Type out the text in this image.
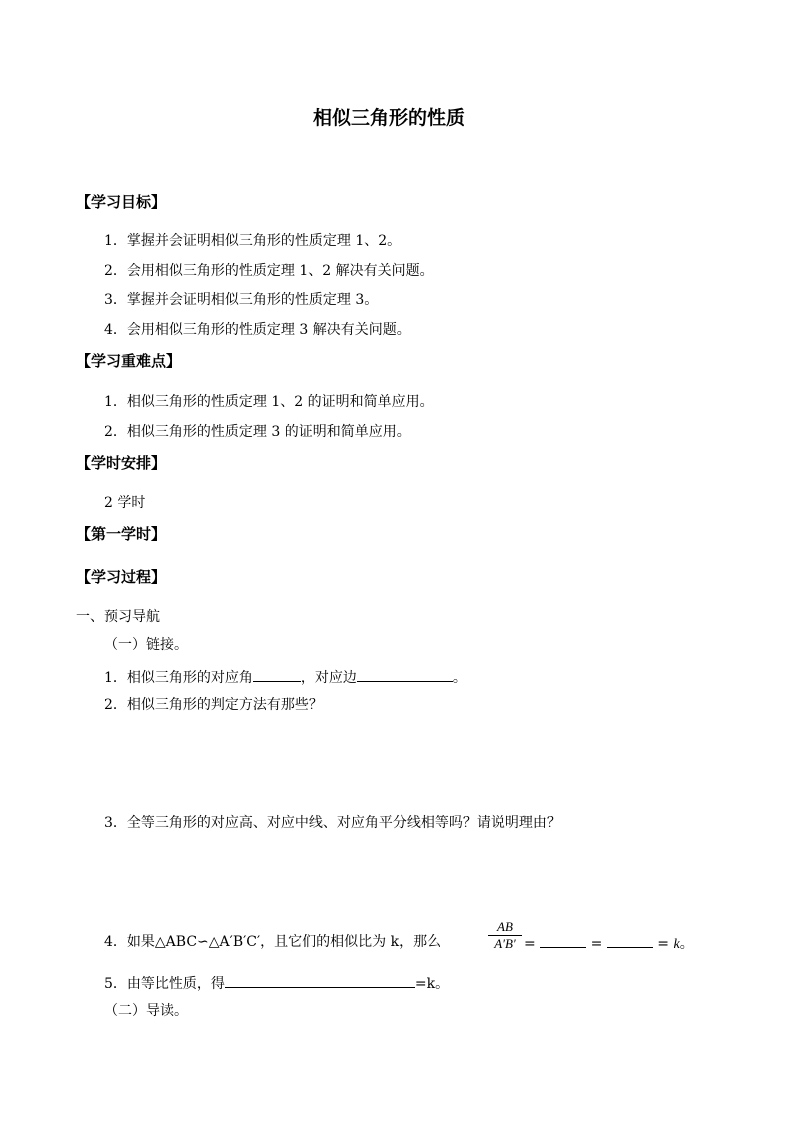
相似三角形的性质
【学习目标】
1．掌握并会证明相似三角形的性质定理 1、2。
2．会用相似三角形的性质定理 1、2 解决有关问题。
3．掌握并会证明相似三角形的性质定理 3。
4．会用相似三角形的性质定理 3 解决有关问题。
【学习重难点】
1．相似三角形的性质定理 1、2 的证明和简单应用。
2．相似三角形的性质定理 3 的证明和简单应用。
【学时安排】
2 学时
【第一学时】
【学习过程】
一、预习导航
（一）链接。
1．相似三角形的对应角	，对应边	。
2．相似三角形的判定方法有那些？
3．全等三角形的对应高、对应中线、对应角平分线相等吗？请说明理由？
4．如果△ABC∽△A′B′C′，且它们的相似比为 k，那么
AB
A′B′ =	=	= k。
5．由等比性质，得	=k。
（二）导读。
